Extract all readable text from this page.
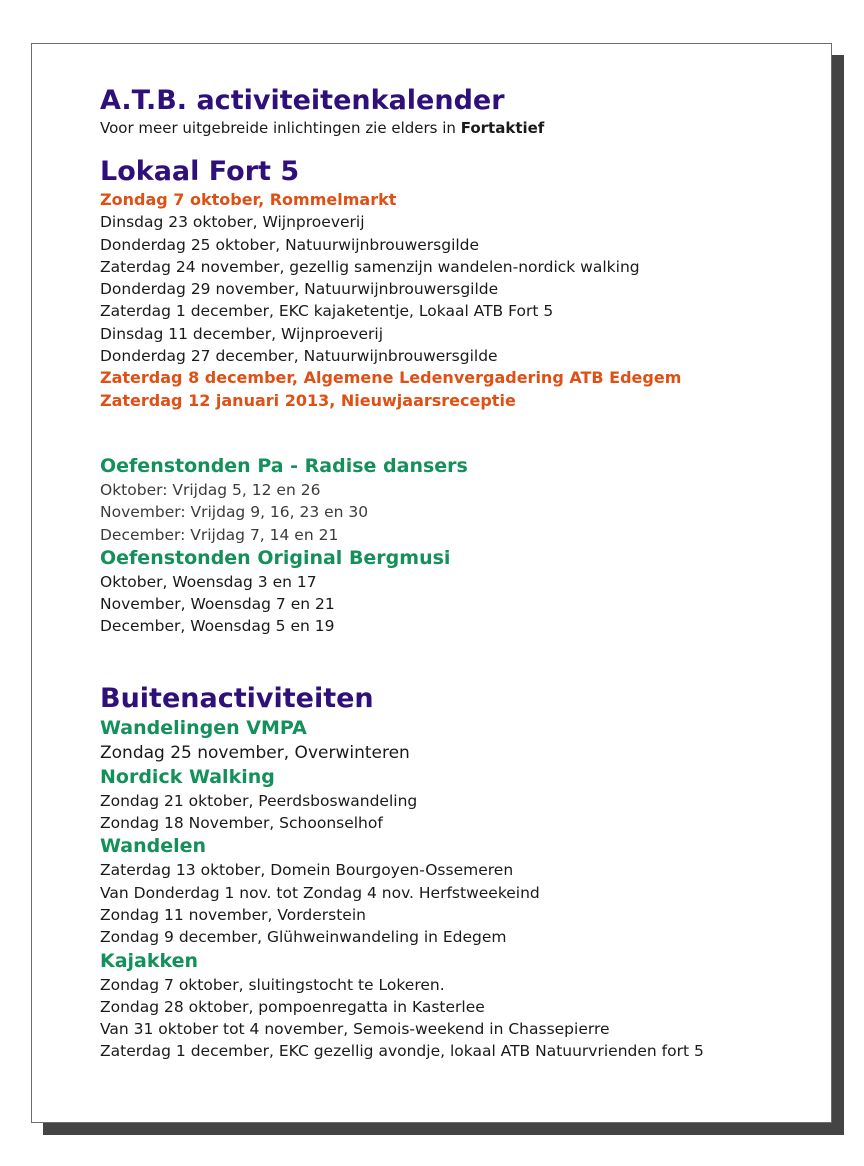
A.T.B. activiteitenkalender
Voor meer uitgebreide inlichtingen zie elders in Fortaktief
Lokaal Fort 5
Zondag 7 oktober, Rommelmarkt
Dinsdag 23 oktober, Wijnproeverij
Donderdag 25 oktober, Natuurwijnbrouwersgilde
Zaterdag 24 november, gezellig samenzijn wandelen-nordick walking
Donderdag 29 november, Natuurwijnbrouwersgilde
Zaterdag 1 december, EKC kajaketentje, Lokaal ATB Fort 5
Dinsdag 11 december, Wijnproeverij
Donderdag 27 december, Natuurwijnbrouwersgilde
Zaterdag 8 december, Algemene Ledenvergadering ATB Edegem
Zaterdag 12 januari 2013, Nieuwjaarsreceptie
Oefenstonden Pa - Radise dansers
Oktober: Vrijdag 5, 12 en 26
November: Vrijdag 9, 16, 23 en 30
December: Vrijdag 7, 14 en 21
Oefenstonden Original Bergmusi
Oktober, Woensdag 3 en 17
November, Woensdag 7 en 21
December, Woensdag 5 en 19
Buitenactiviteiten
Wandelingen VMPA
Zondag 25 november, Overwinteren
Nordick Walking
Zondag 21 oktober, Peerdsboswandeling
Zondag 18 November, Schoonselhof
Wandelen
Zaterdag 13 oktober, Domein Bourgoyen-Ossemeren
Van Donderdag 1 nov. tot Zondag 4 nov. Herfstweekeind
Zondag 11 november, Vorderstein
Zondag 9 december, Glühweinwandeling in Edegem
Kajakken
Zondag 7 oktober, sluitingstocht te Lokeren.
Zondag 28 oktober, pompoenregatta in Kasterlee
Van 31 oktober tot 4 november, Semois-weekend in Chassepierre
Zaterdag 1 december, EKC gezellig avondje, lokaal ATB Natuurvrienden fort 5
